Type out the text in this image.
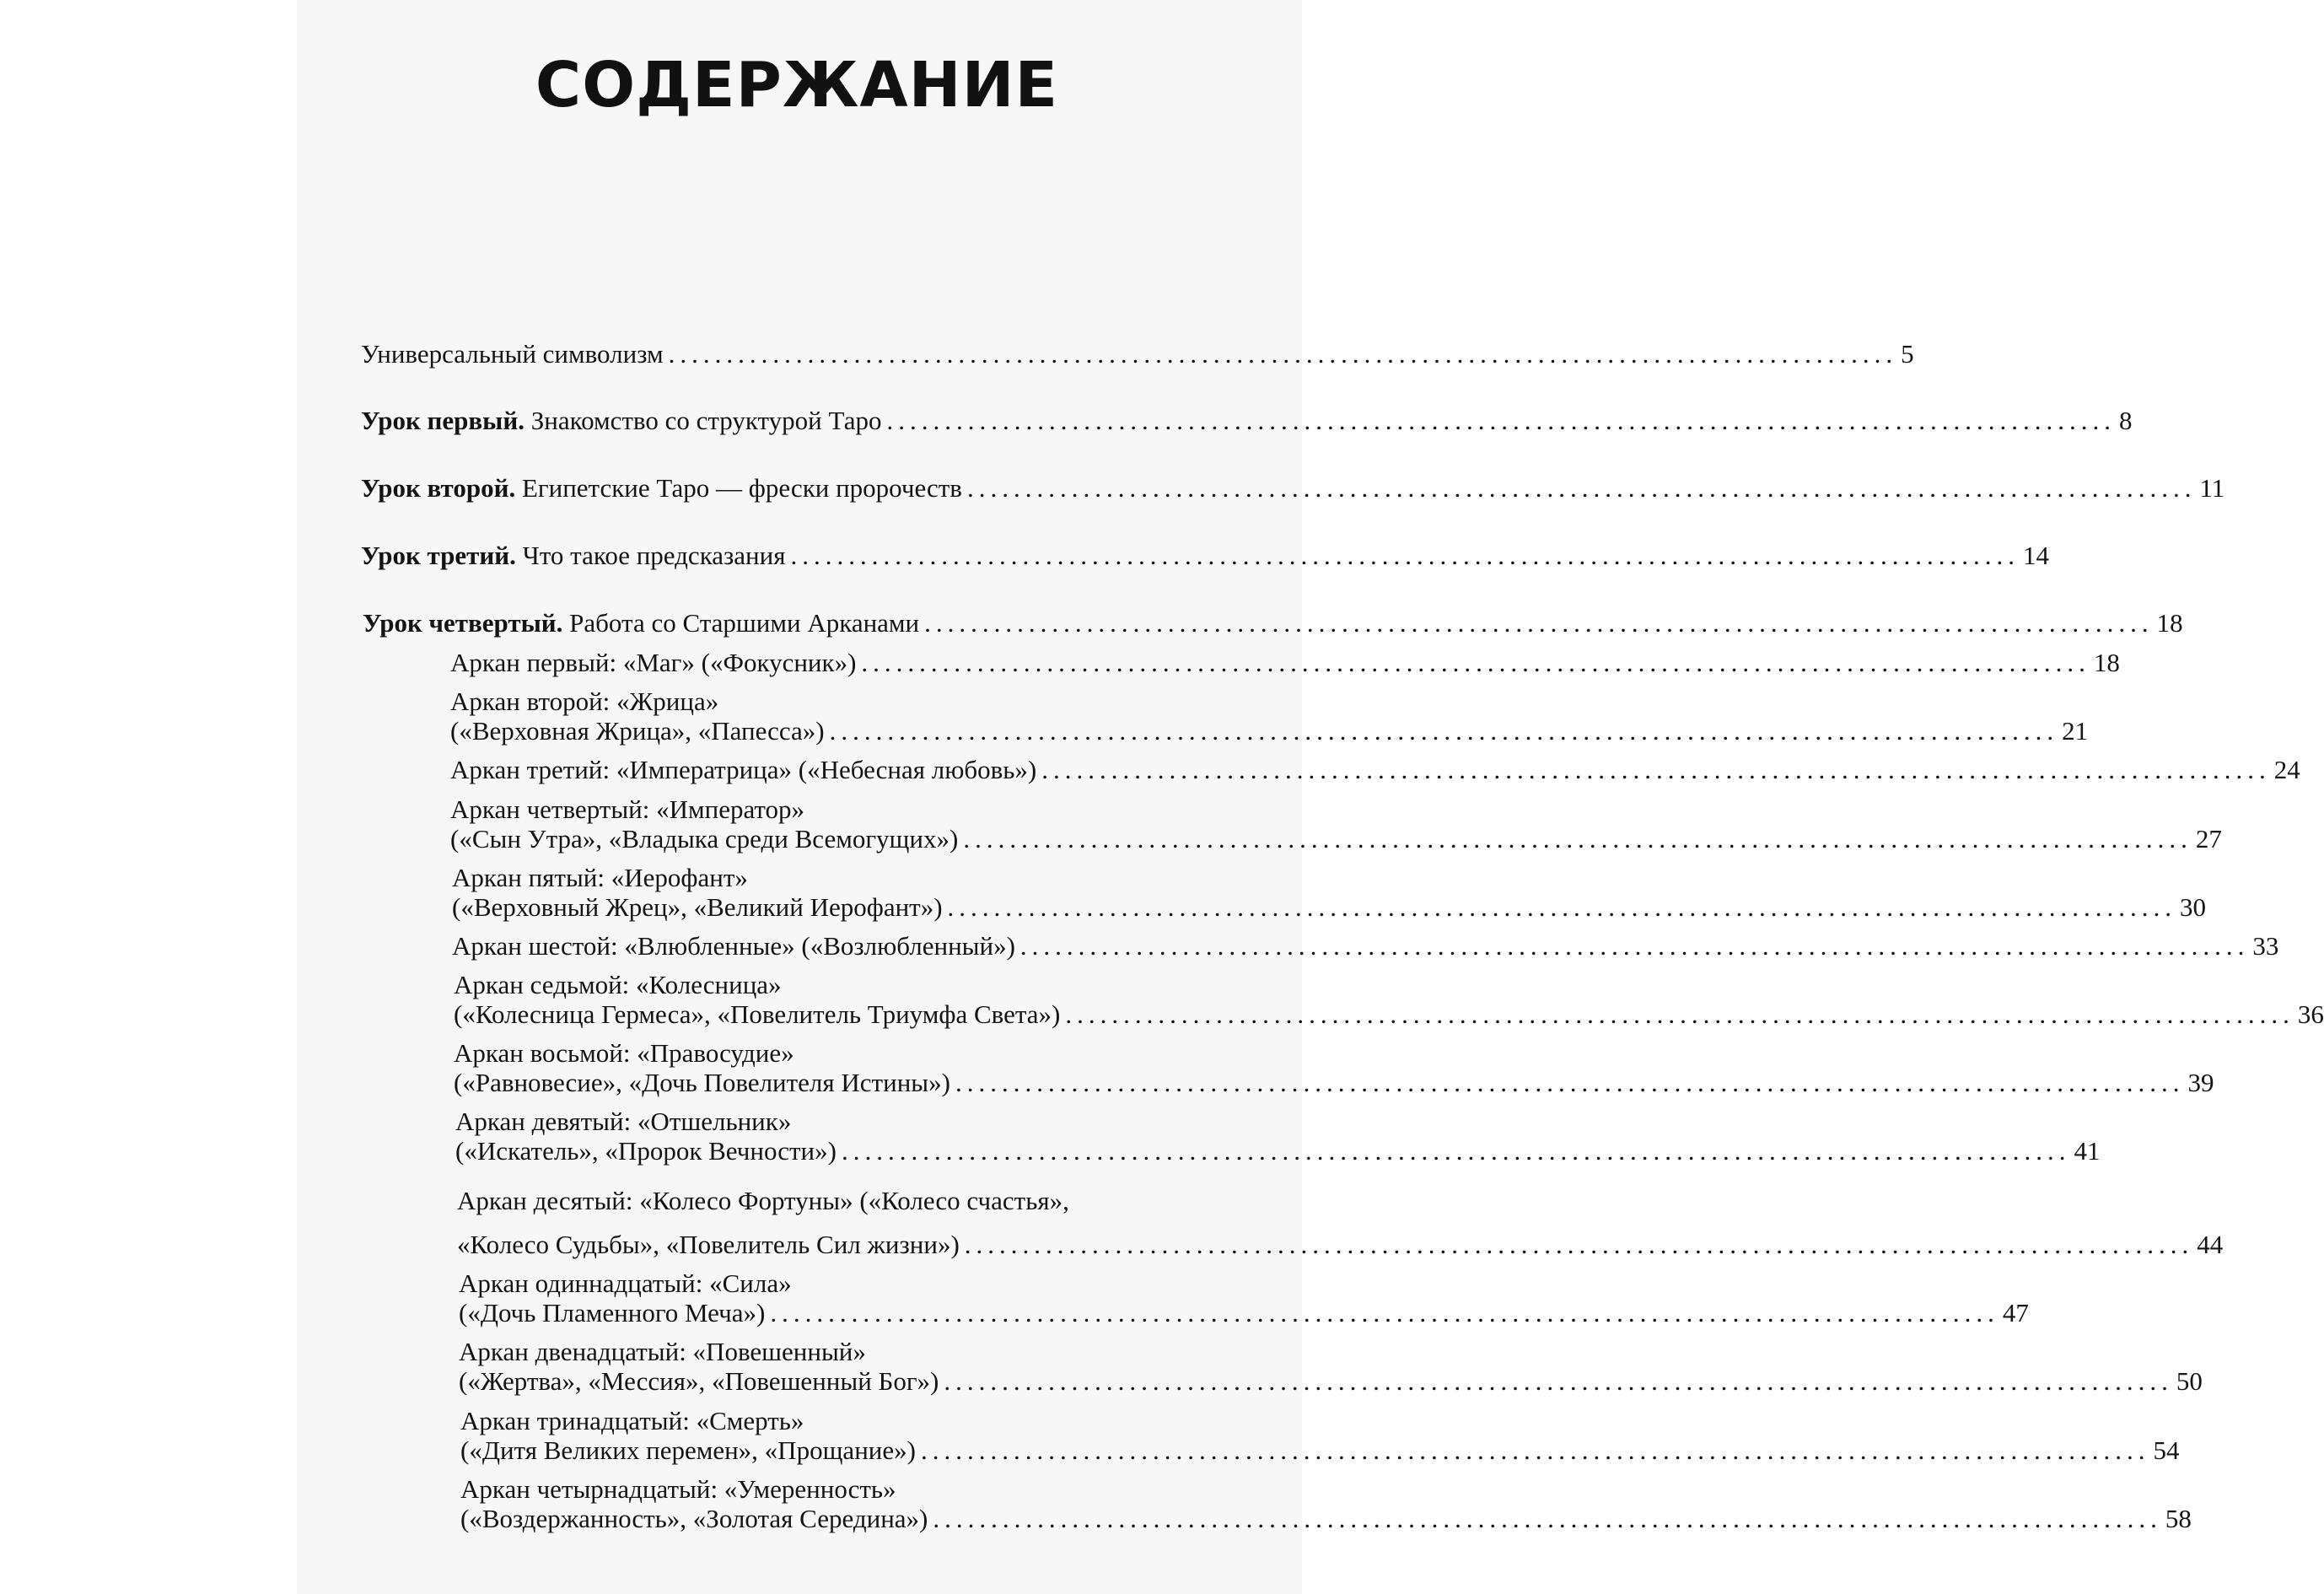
СОДЕРЖАНИЕ
Универсальный символизм .......................................................................................................... 5
Урок первый. Знакомство со структурой Таро .......................................................................................................... 8
Урок второй. Египетские Таро — фрески пророчеств .......................................................................................................... 11
Урок третий. Что такое предсказания .......................................................................................................... 14
Урок четвертый. Работа со Старшими Арканами .......................................................................................................... 18
Аркан первый: «Маг» («Фокусник») .......................................................................................................... 18
Аркан второй: «Жрица»
(«Верховная Жрица», «Папесса») .......................................................................................................... 21
Аркан третий: «Императрица» («Небесная любовь») .......................................................................................................... 24
Аркан четвертый: «Император»
(«Сын Утра», «Владыка среди Всемогущих») .......................................................................................................... 27
Аркан пятый: «Иерофант»
(«Верховный Жрец», «Великий Иерофант») .......................................................................................................... 30
Аркан шестой: «Влюбленные» («Возлюбленный») .......................................................................................................... 33
Аркан седьмой: «Колесница»
(«Колесница Гермеса», «Повелитель Триумфа Света») .......................................................................................................... 36
Аркан восьмой: «Правосудие»
(«Равновесие», «Дочь Повелителя Истины») .......................................................................................................... 39
Аркан девятый: «Отшельник»
(«Искатель», «Пророк Вечности») .......................................................................................................... 41
Аркан десятый: «Колесо Фортуны» («Колесо счастья»,
«Колесо Судьбы», «Повелитель Сил жизни») .......................................................................................................... 44
Аркан одиннадцатый: «Сила»
(«Дочь Пламенного Меча») .......................................................................................................... 47
Аркан двенадцатый: «Повешенный»
(«Жертва», «Мессия», «Повешенный Бог») .......................................................................................................... 50
Аркан тринадцатый: «Смерть»
(«Дитя Великих перемен», «Прощание») .......................................................................................................... 54
Аркан четырнадцатый: «Умеренность»
(«Воздержанность», «Золотая Середина») .......................................................................................................... 58
